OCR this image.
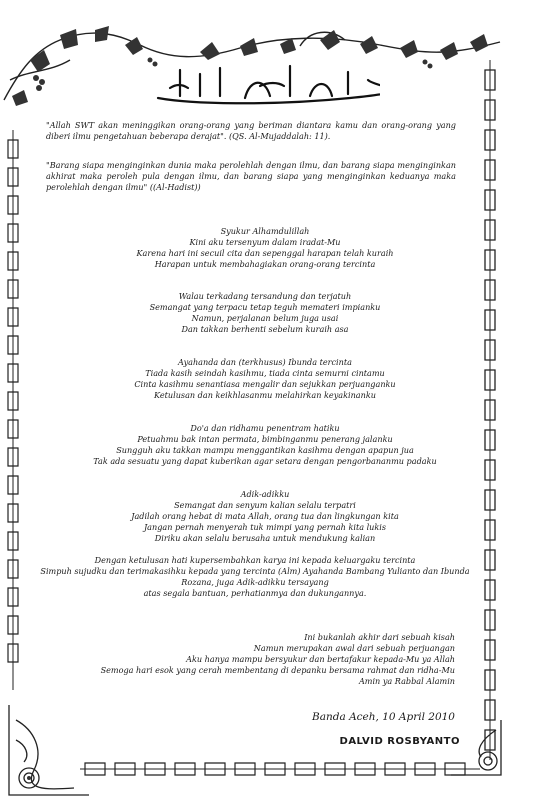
"Allah SWT akan meninggikan orang-orang yang beriman diantara kamu dan orang-orang yang diberi ilmu pengetahuan beberapa derajat". (QS. Al-Mujaddalah: 11).
"Barang siapa menginginkan dunia maka perolehlah dengan ilmu, dan barang siapa menginginkan akhirat maka peroleh pula dengan ilmu, dan barang siapa yang menginginkan keduanya maka perolehlah dengan ilmu" ((Al-Hadist))

Syukur Alhamdulillah

Kini aku tersenyum dalam iradat-Mu

Karena hari ini secuil cita dan sepenggal harapan telah kuraih

Harapan untuk membahagiakan orang-orang tercinta

Walau terkadang tersandung dan terjatuh

Semangat yang terpacu tetap teguh memateri impianku

Namun, perjalanan belum juga usai

Dan takkan berhenti sebelum kuraih asa

Ayahanda dan (terkhusus) Ibunda tercinta

Tiada kasih seindah kasihmu, tiada cinta semurni cintamu

Cinta kasihmu senantiasa mengalir dan sejukkan perjuanganku

Ketulusan dan keikhlasanmu melahirkan keyakinanku

Do'a dan ridhamu penentram hatiku

Petuahmu bak intan permata, bimbinganmu penerang jalanku

Sungguh aku takkan mampu menggantikan kasihmu dengan apapun jua

Tak ada sesuatu yang dapat kuberikan agar setara dengan pengorbananmu padaku

Adik-adikku

Semangat dan senyum kalian selalu terpatri

Jadilah orang hebat di mata Allah, orang tua dan lingkungan kita

Jangan pernah menyerah tuk mimpi yang pernah kita lukis

Diriku akan selalu berusaha untuk mendukung kalian

Dengan ketulusan hati kupersembahkan karya ini kepada keluargaku tercinta

Simpuh sujudku dan terimakasihku kepada yang tercinta (Alm) Ayahanda Bambang Yulianto dan Ibunda Rozana, juga Adik-adikku tersayang

atas segala bantuan, perhatianmya dan dukungannya.

Ini bukanlah akhir dari sebuah kisah

Namun merupakan awal dari sebuah perjuangan

Aku hanya mampu bersyukur dan bertafakur kepada-Mu ya Allah

Semoga hari esok yang cerah membentang di depanku bersama rahmat dan ridha-Mu

Amin ya Rabbal Alamin

Banda Aceh, 10 April 2010
DALVID ROSBYANTO
